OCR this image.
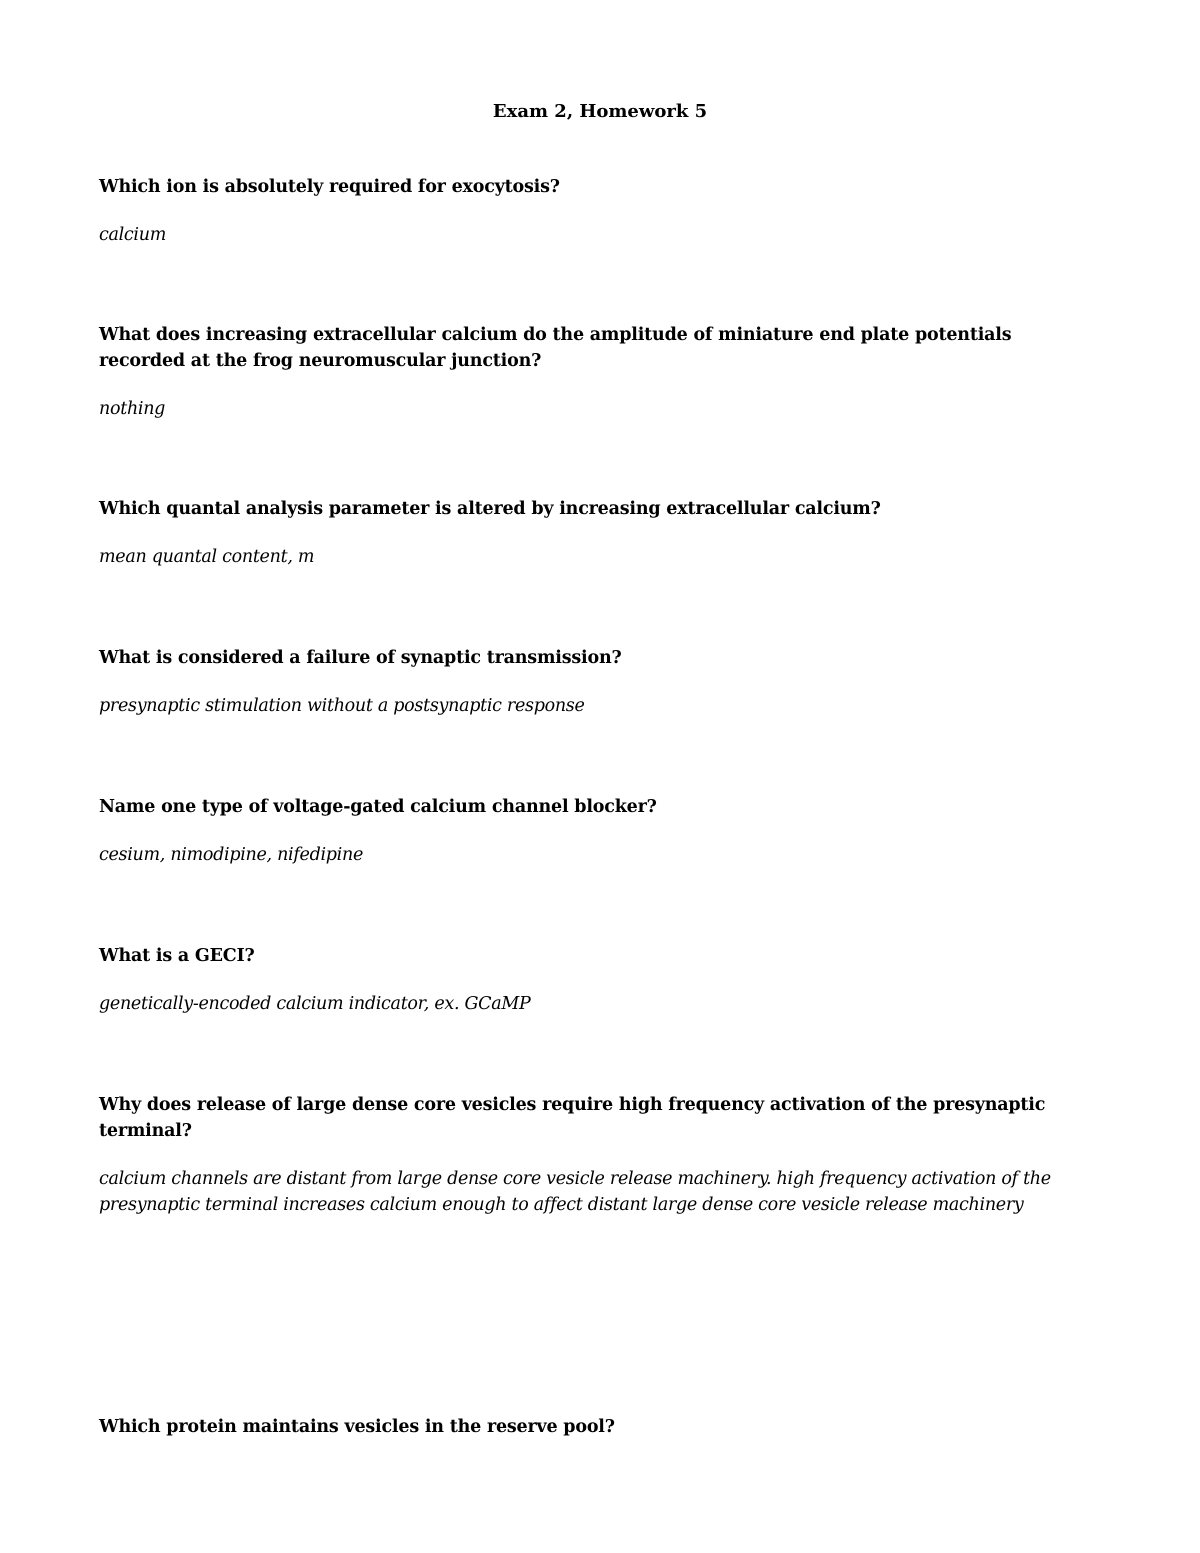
Exam 2, Homework 5

Which ion is absolutely required for exocytosis?

calcium

What does increasing extracellular calcium do the amplitude of miniature end plate potentials recorded at the frog neuromuscular junction?

nothing

Which quantal analysis parameter is altered by increasing extracellular calcium?

mean quantal content, m

What is considered a failure of synaptic transmission?

presynaptic stimulation without a postsynaptic response

Name one type of voltage-gated calcium channel blocker?

cesium, nimodipine, nifedipine

What is a GECI?

genetically-encoded calcium indicator, ex. GCaMP

Why does release of large dense core vesicles require high frequency activation of the presynaptic terminal?

calcium channels are distant from large dense core vesicle release machinery. high frequency activation of the presynaptic terminal increases calcium enough to affect distant large dense core vesicle release machinery

Which protein maintains vesicles in the reserve pool?
